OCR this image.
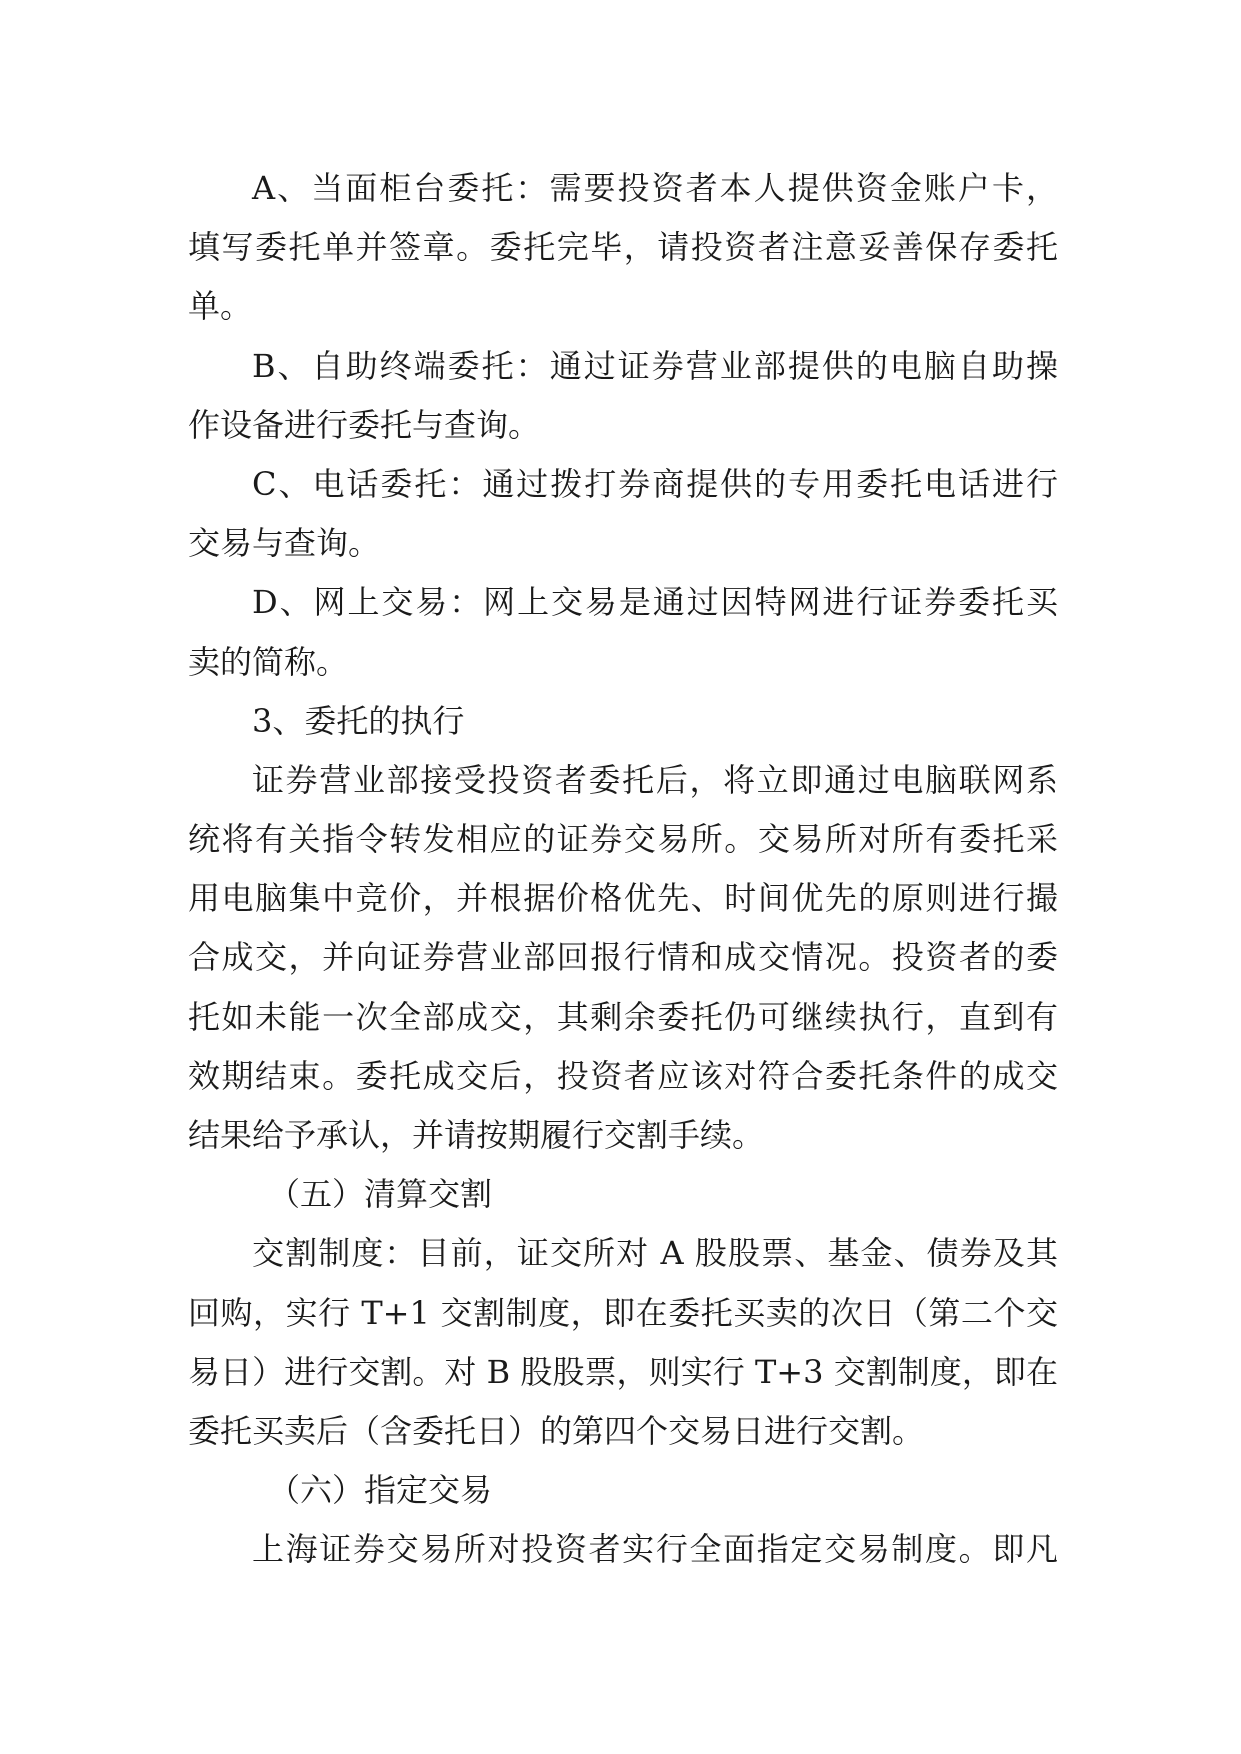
A、当面柜台委托：需要投资者本人提供资金账户卡，
填写委托单并签章。委托完毕，请投资者注意妥善保存委托
单。
B、自助终端委托：通过证券营业部提供的电脑自助操
作设备进行委托与查询。
C、电话委托：通过拨打券商提供的专用委托电话进行
交易与查询。
D、网上交易：网上交易是通过因特网进行证券委托买
卖的简称。
3、委托的执行
证券营业部接受投资者委托后，将立即通过电脑联网系
统将有关指令转发相应的证券交易所。交易所对所有委托采
用电脑集中竞价，并根据价格优先、时间优先的原则进行撮
合成交，并向证券营业部回报行情和成交情况。投资者的委
托如未能一次全部成交，其剩余委托仍可继续执行，直到有
效期结束。委托成交后，投资者应该对符合委托条件的成交
结果给予承认，并请按期履行交割手续。
（五）清算交割
交割制度：目前，证交所对 A 股股票、基金、债券及其
回购，实行 T+1 交割制度，即在委托买卖的次日（第二个交
易日）进行交割。对 B 股股票，则实行 T+3 交割制度，即在
委托买卖后（含委托日）的第四个交易日进行交割。
（六）指定交易
上海证券交易所对投资者实行全面指定交易制度。即凡
